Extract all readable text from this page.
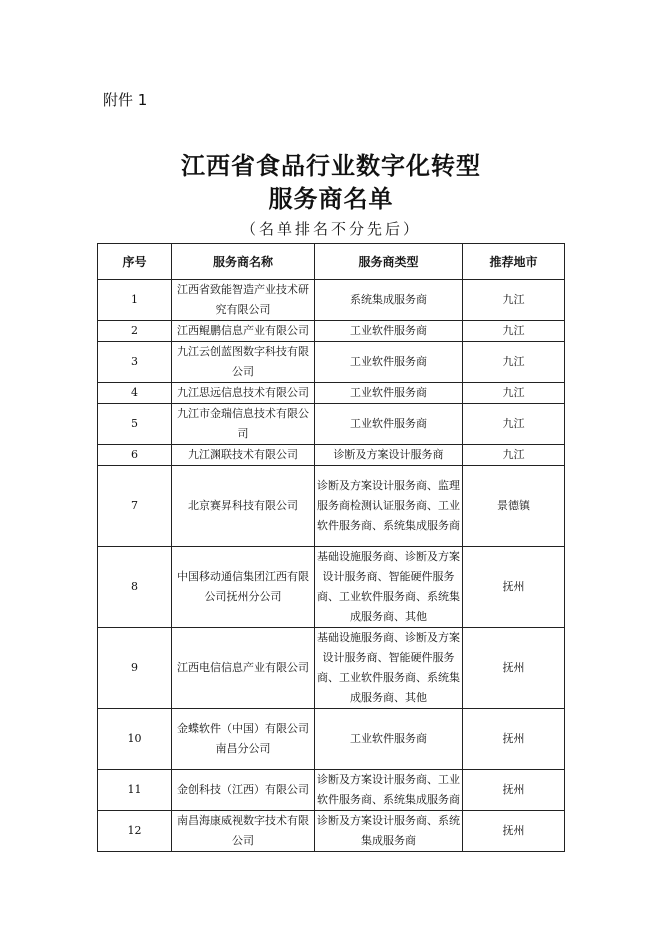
附件 1
江西省食品行业数字化转型
服务商名单
（名单排名不分先后）
序号	服务商名称	服务商类型	推荐地市
1	江西省致能智造产业技术研究有限公司	系统集成服务商	九江
2	江西鲲鹏信息产业有限公司	工业软件服务商	九江
3	九江云创蓝图数字科技有限公司	工业软件服务商	九江
4	九江思远信息技术有限公司	工业软件服务商	九江
5	九江市金瑞信息技术有限公司	工业软件服务商	九江
6	九江渊联技术有限公司	诊断及方案设计服务商	九江
7	北京赛昇科技有限公司	诊断及方案设计服务商、监理服务商检测认证服务商、工业软件服务商、系统集成服务商	景德镇
8	中国移动通信集团江西有限公司抚州分公司	基础设施服务商、诊断及方案设计服务商、智能硬件服务商、工业软件服务商、系统集成服务商、其他	抚州
9	江西电信信息产业有限公司	基础设施服务商、诊断及方案设计服务商、智能硬件服务商、工业软件服务商、系统集成服务商、其他	抚州
10	金蝶软件（中国）有限公司南昌分公司	工业软件服务商	抚州
11	金创科技（江西）有限公司	诊断及方案设计服务商、工业软件服务商、系统集成服务商	抚州
12	南昌海康威视数字技术有限公司	诊断及方案设计服务商、系统集成服务商	抚州
